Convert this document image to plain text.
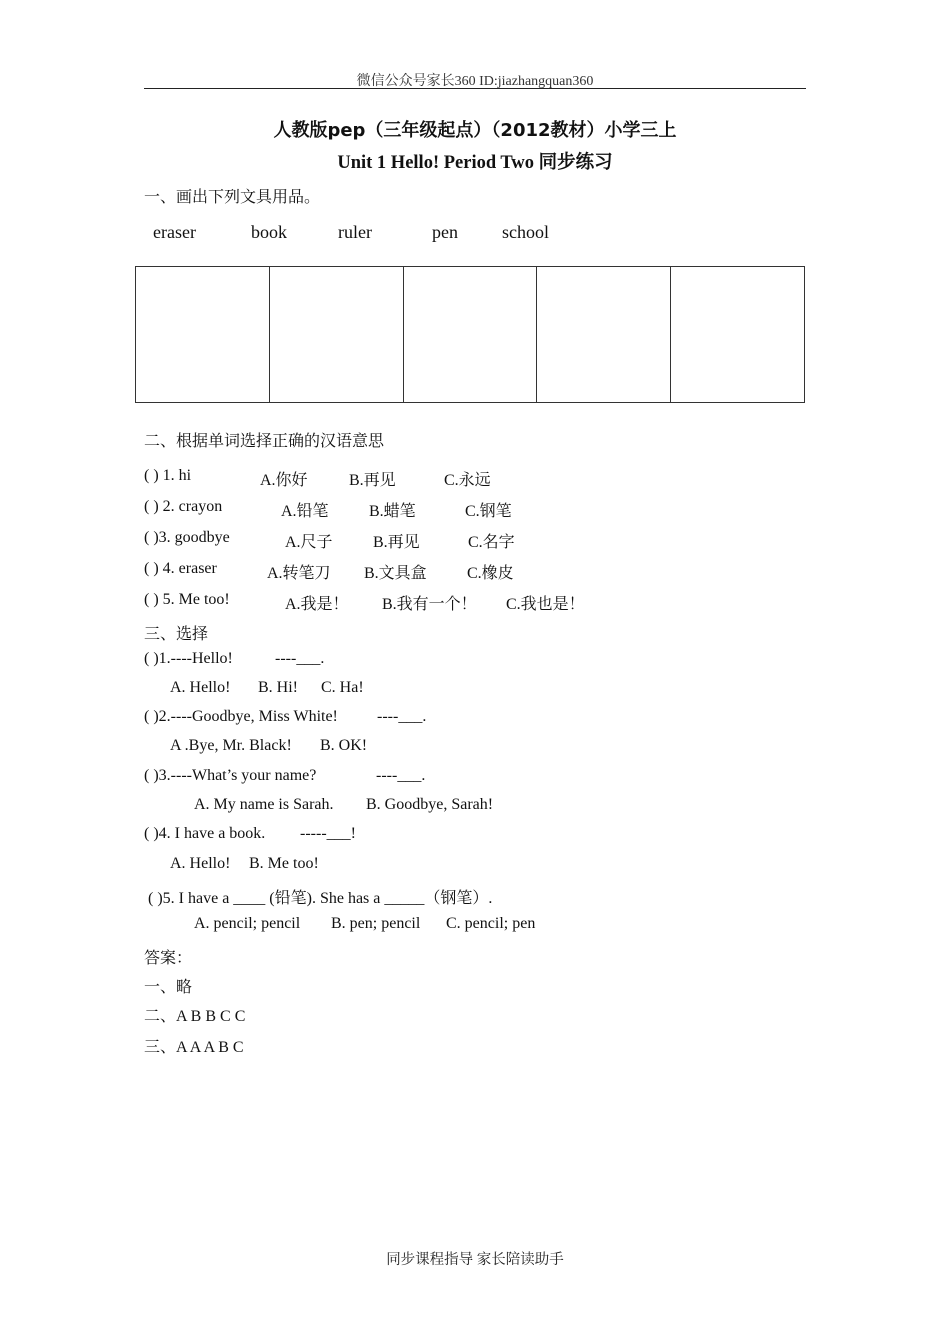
微信公众号家长360 ID:jiazhangquan360
人教版pep（三年级起点）（2012教材）小学三上
Unit 1 Hello! Period Two 同步练习
一、画出下列文具用品。
eraser	book	ruler	pen school
二、根据单词选择正确的汉语意思
( ) 1. hi	A.你好	B.再见	C.永远
( ) 2. crayon	A.铅笔	B.蜡笔	C.钢笔
( )3. goodbye	A.尺子	B.再见	C.名字
( ) 4. eraser	A.转笔刀 B.文具盒	C.橡皮
( ) 5. Me too!	A.我是！ B.我有一个！ C.我也是！
三、选择
( )1.----Hello!	----___.
A. Hello! B. Hi! C. Ha!
( )2.----Goodbye, Miss White! ----___.
A .Bye, Mr. Black! B. OK!
( )3.----What’s your name?	----___.
A. My name is Sarah. B. Goodbye, Sarah!
( )4. I have a book. -----___!
A. Hello! B. Me too!
( )5. I have a ____ (铅笔). She has a _____（钢笔）.
A. pencil; pencil B. pen; pencil C. pencil; pen
答案：
一、略
二、A B B C C
三、A A A B C
同步课程指导 家长陪读助手
